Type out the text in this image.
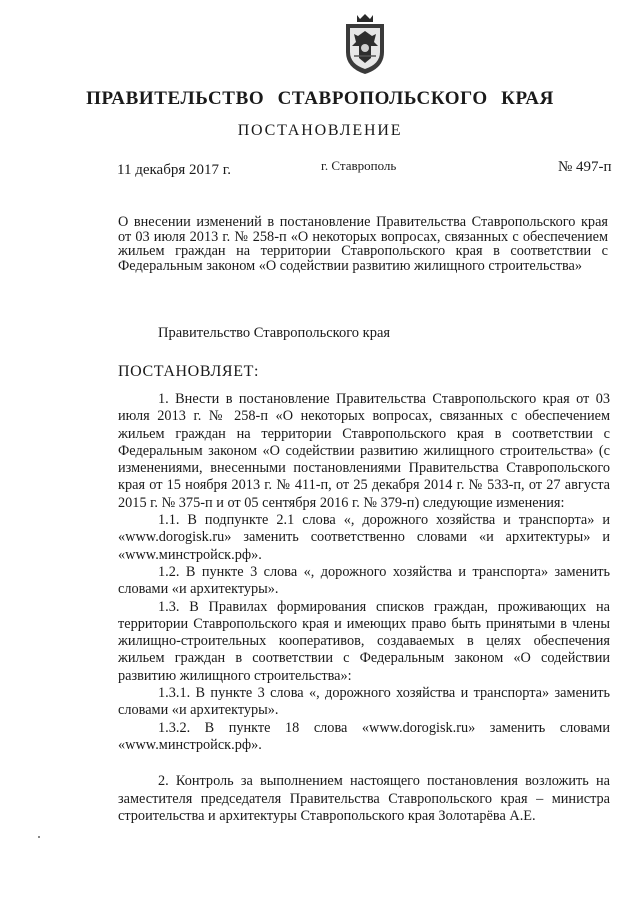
ПРАВИТЕЛЬСТВО СТАВРОПОЛЬСКОГО КРАЯ
ПОСТАНОВЛЕНИЕ
11 декабря 2017 г.	г. Ставрополь	№ 497-п
О внесении изменений в постановление Правительства Ставропольского края от 03 июля 2013 г. № 258-п «О некоторых вопросах, связанных с обеспечением жильем граждан на территории Ставропольского края в соответствии с Федеральным законом «О содействии развитию жилищного строительства»
Правительство Ставропольского края
ПОСТАНОВЛЯЕТ:

1. Внести в постановление Правительства Ставропольского края от 03 июля 2013 г. № 258-п «О некоторых вопросах, связанных с обеспечением жильем граждан на территории Ставропольского края в соответствии с Федеральным законом «О содействии развитию жилищного строительства» (с изменениями, внесенными постановлениями Правительства Ставропольского края от 15 ноября 2013 г. № 411-п, от 25 декабря 2014 г. № 533-п, от 27 августа 2015 г. № 375-п и от 05 сентября 2016 г. № 379-п) следующие изменения:

1.1. В подпункте 2.1 слова «, дорожного хозяйства и транспорта» и «www.dorogisk.ru» заменить соответственно словами «и архитектуры» и «www.минстройск.рф».

1.2. В пункте 3 слова «, дорожного хозяйства и транспорта» заменить словами «и архитектуры».

1.3. В Правилах формирования списков граждан, проживающих на территории Ставропольского края и имеющих право быть принятыми в члены жилищно-строительных кооперативов, создаваемых в целях обеспечения жильем граждан в соответствии с Федеральным законом «О содействии развитию жилищного строительства»:

1.3.1. В пункте 3 слова «, дорожного хозяйства и транспорта» заменить словами «и архитектуры».

1.3.2. В пункте 18 слова «www.dorogisk.ru» заменить словами «www.минстройск.рф».

2. Контроль за выполнением настоящего постановления возложить на заместителя председателя Правительства Ставропольского края – министра строительства и архитектуры Ставропольского края Золотарёва А.Е.
